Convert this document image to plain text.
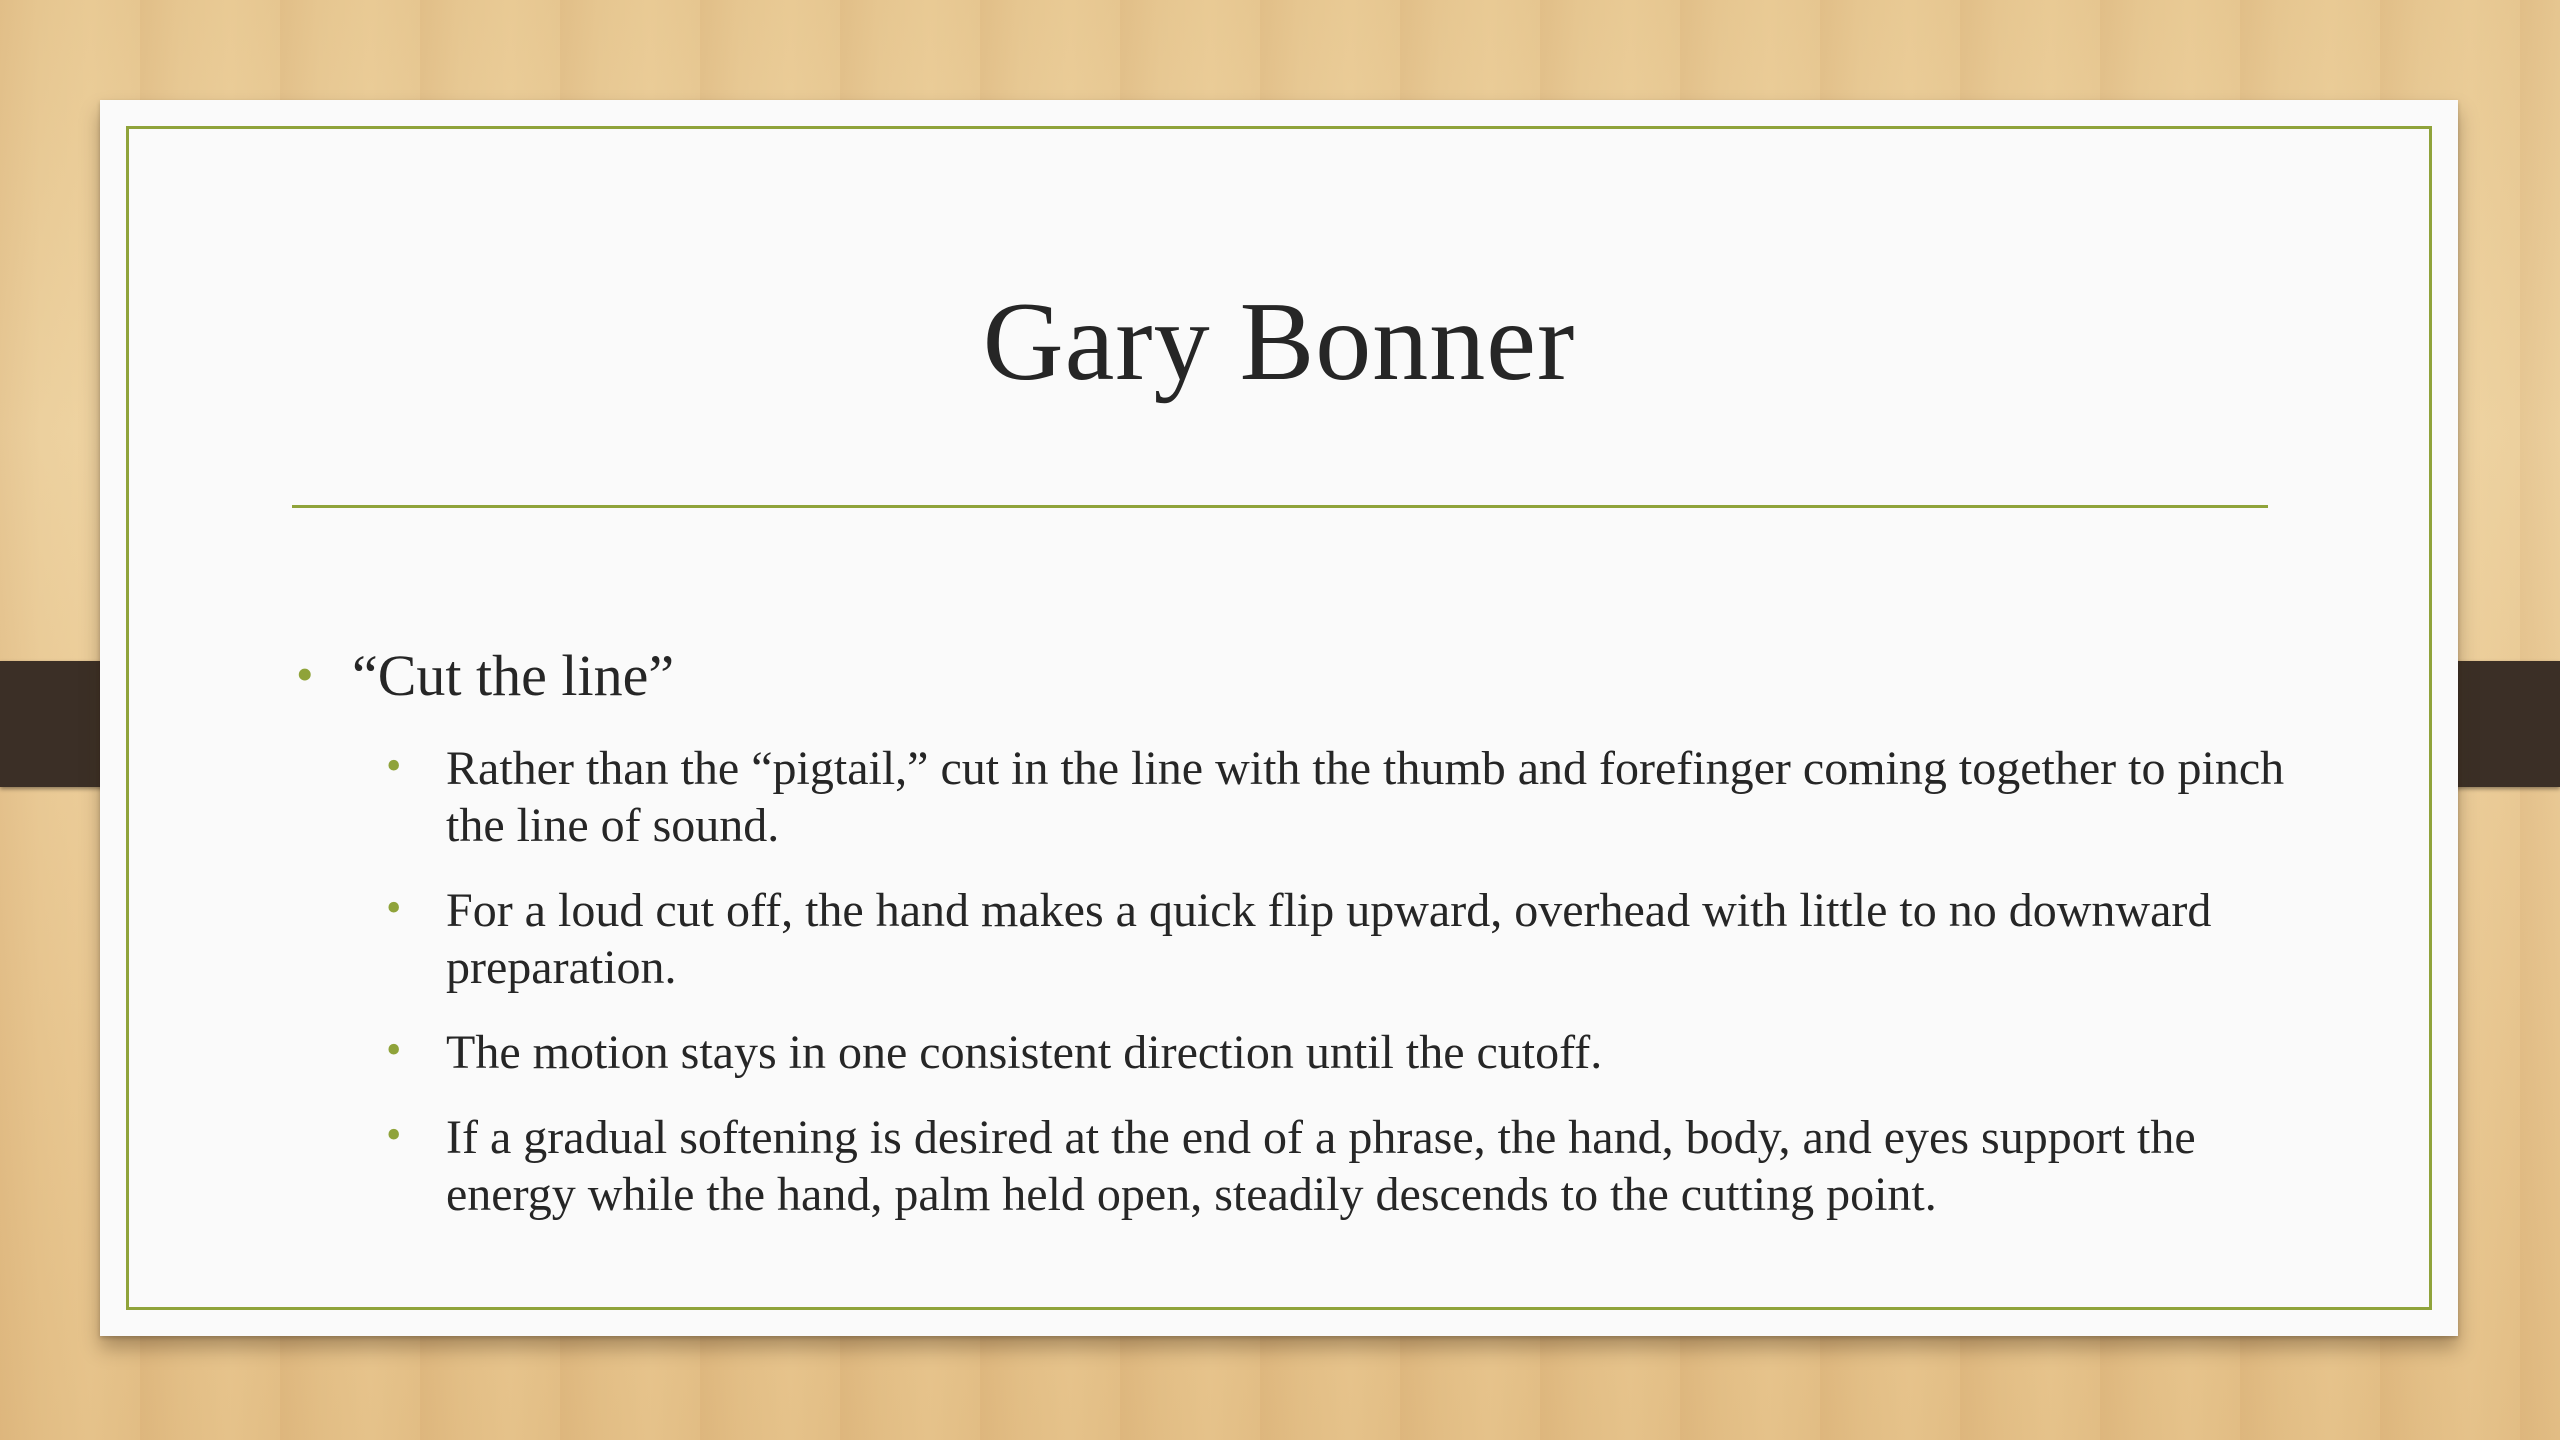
Gary Bonner
• “Cut the line”
• Rather than the “pigtail,” cut in the line with the thumb and forefinger coming together to pinch the line of sound.
• For a loud cut off, the hand makes a quick flip upward, overhead with little to no downward preparation.
• The motion stays in one consistent direction until the cutoff.
• If a gradual softening is desired at the end of a phrase, the hand, body, and eyes support the energy while the hand, palm held open, steadily descends to the cutting point.
